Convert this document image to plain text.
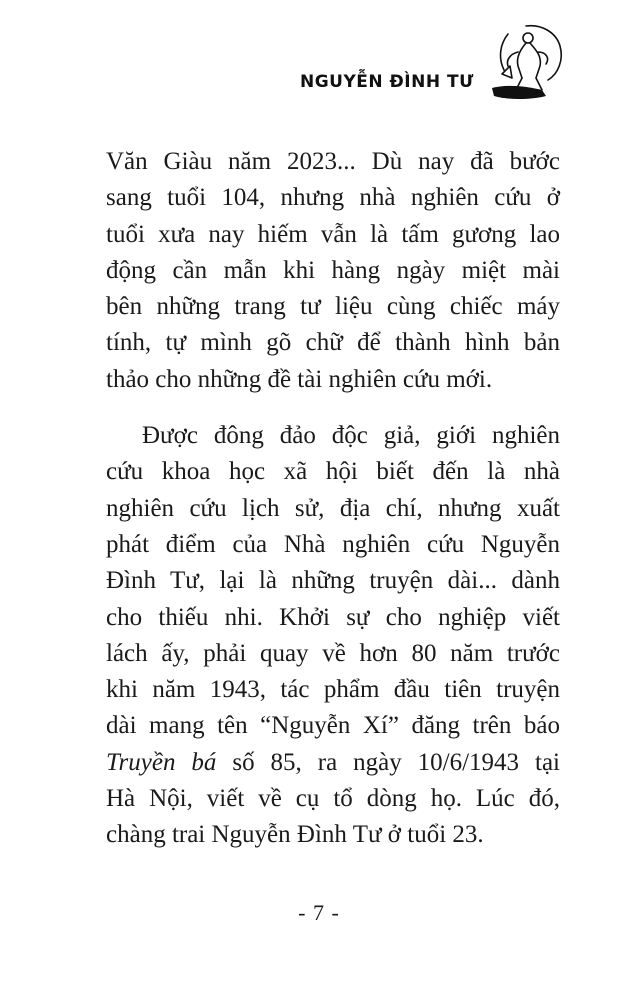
NGUYỄN ĐÌNH TƯ
Văn Giàu năm 2023... Dù nay đã bước
sang tuổi 104, nhưng nhà nghiên cứu ở
tuổi xưa nay hiếm vẫn là tấm gương lao
động cần mẫn khi hàng ngày miệt mài
bên những trang tư liệu cùng chiếc máy
tính, tự mình gõ chữ để thành hình bản
thảo cho những đề tài nghiên cứu mới.
Được đông đảo độc giả, giới nghiên
cứu khoa học xã hội biết đến là nhà
nghiên cứu lịch sử, địa chí, nhưng xuất
phát điểm của Nhà nghiên cứu Nguyễn
Đình Tư, lại là những truyện dài... dành
cho thiếu nhi. Khởi sự cho nghiệp viết
lách ấy, phải quay về hơn 80 năm trước
khi năm 1943, tác phẩm đầu tiên truyện
dài mang tên “Nguyễn Xí” đăng trên báo
Truyền bá số 85, ra ngày 10/6/1943 tại
Hà Nội, viết về cụ tổ dòng họ. Lúc đó,
chàng trai Nguyễn Đình Tư ở tuổi 23.
- 7 -
